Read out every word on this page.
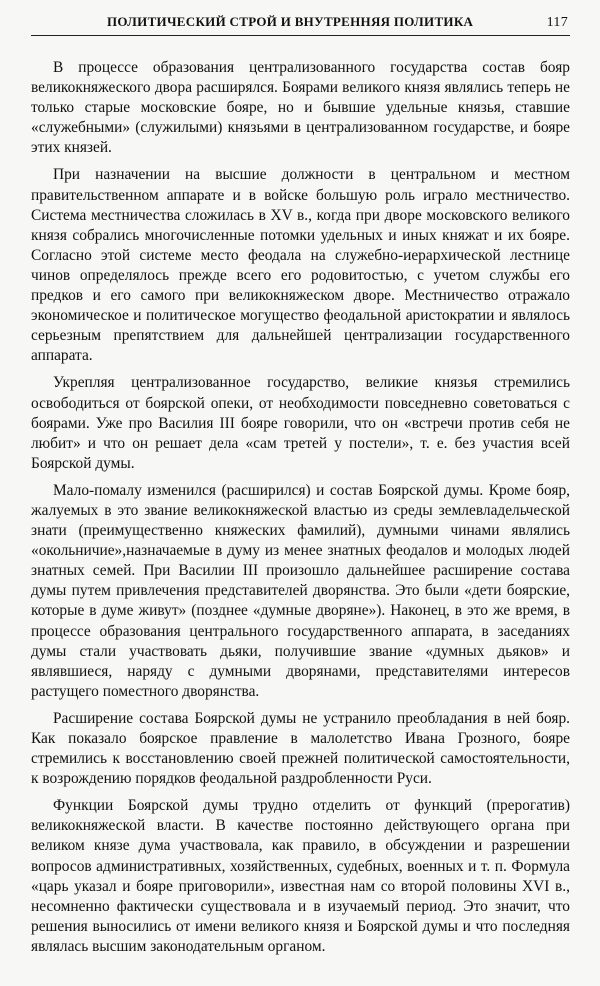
ПОЛИТИЧЕСКИЙ СТРОЙ И ВНУТРЕННЯЯ ПОЛИТИКА	117

В процессе образования централизованного государства состав бояр великокняжеского двора расширялся. Боярами великого князя являлись теперь не только старые московские бояре, но и бывшие удельные князья, ставшие «служебными» (служилыми) князьями в централизованном государстве, и бояре этих князей.

При назначении на высшие должности в центральном и местном правительственном аппарате и в войске большую роль играло местничество. Система местничества сложилась в XV в., когда при дворе московского великого князя собрались многочисленные потомки удельных и иных княжат и их бояре. Согласно этой системе место феодала на служебно-иерархической лестнице чинов определялось прежде всего его родовитостью, с учетом службы его предков и его самого при великокняжеском дворе. Местничество отражало экономическое и политическое могущество феодальной аристократии и являлось серьезным препятствием для дальнейшей централизации государственного аппарата.

Укрепляя централизованное государство, великие князья стремились освободиться от боярской опеки, от необходимости повседневно советоваться с боярами. Уже про Василия III бояре говорили, что он «встречи против себя не любит» и что он решает дела «сам третей у постели», т. е. без участия всей Боярской думы.

Мало-помалу изменился (расширился) и состав Боярской думы. Кроме бояр, жалуемых в это звание великокняжеской властью из среды землевладельческой знати (преимущественно княжеских фамилий), думными чинами являлись «окольничие»,назначаемые в думу из менее знатных феодалов и молодых людей знатных семей. При Василии III произошло дальнейшее расширение состава думы путем привлечения представителей дворянства. Это были «дети боярские, которые в думе живут» (позднее «думные дворяне»). Наконец, в это же время, в процессе образования центрального государственного аппарата, в заседаниях думы стали участвовать дьяки, получившие звание «думных дьяков» и являвшиеся, наряду с думными дворянами, представителями интересов растущего поместного дворянства.

Расширение состава Боярской думы не устранило преобладания в ней бояр. Как показало боярское правление в малолетство Ивана Грозного, бояре стремились к восстановлению своей прежней политической самостоятельности, к возрождению порядков феодальной раздробленности Руси.

Функции Боярской думы трудно отделить от функций (прерогатив) великокняжеской власти. В качестве постоянно действующего органа при великом князе дума участвовала, как правило, в обсуждении и разрешении вопросов административных, хозяйственных, судебных, военных и т. п. Формула «царь указал и бояре приговорили», известная нам со второй половины XVI в., несомненно фактически существовала и в изучаемый период. Это значит, что решения выносились от имени великого князя и Боярской думы и что последняя являлась высшим законодательным органом.
